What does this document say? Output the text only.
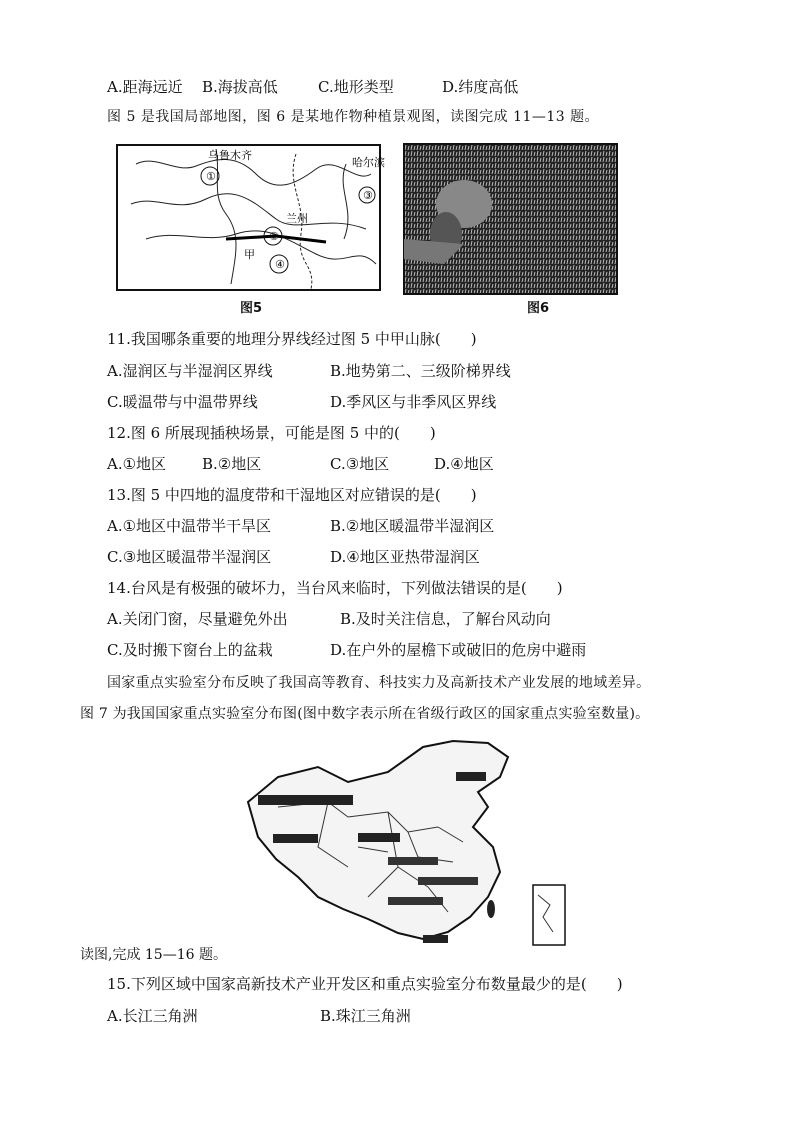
A.距海远近 B.海拔高低	C.地形类型	D.纬度高低
图 5 是我国局部地图，图 6 是某地作物种植景观图，读图完成 11—13 题。
①
②
③
④
乌鲁木齐
兰州
哈尔滨
甲
图5	图6
11.我国哪条重要的地理分界线经过图 5 中甲山脉(　　)
A.湿润区与半湿润区界线	B.地势第二、三级阶梯界线
C.暖温带与中温带界线	D.季风区与非季风区界线
12.图 6 所展现插秧场景，可能是图 5 中的(　　)
A.①地区 B.②地区	C.③地区	D.④地区
13.图 5 中四地的温度带和干湿地区对应错误的是(　　)
A.①地区中温带半干旱区	B.②地区暖温带半湿润区
C.③地区暖温带半湿润区	D.④地区亚热带湿润区
14.台风是有极强的破坏力，当台风来临时，下列做法错误的是(　　)
A.关闭门窗，尽量避免外出	B.及时关注信息，了解台风动向
C.及时搬下窗台上的盆栽	D.在户外的屋檐下或破旧的危房中避雨
国家重点实验室分布反映了我国高等教育、科技实力及高新技术产业发展的地域差异。
图 7 为我国国家重点实验室分布图(图中数字表示所在省级行政区的国家重点实验室数量)。
读图,完成 15—16 题。
15.下列区域中国家高新技术产业开发区和重点实验室分布数量最少的是(　　)
A.长江三角洲	B.珠江三角洲
